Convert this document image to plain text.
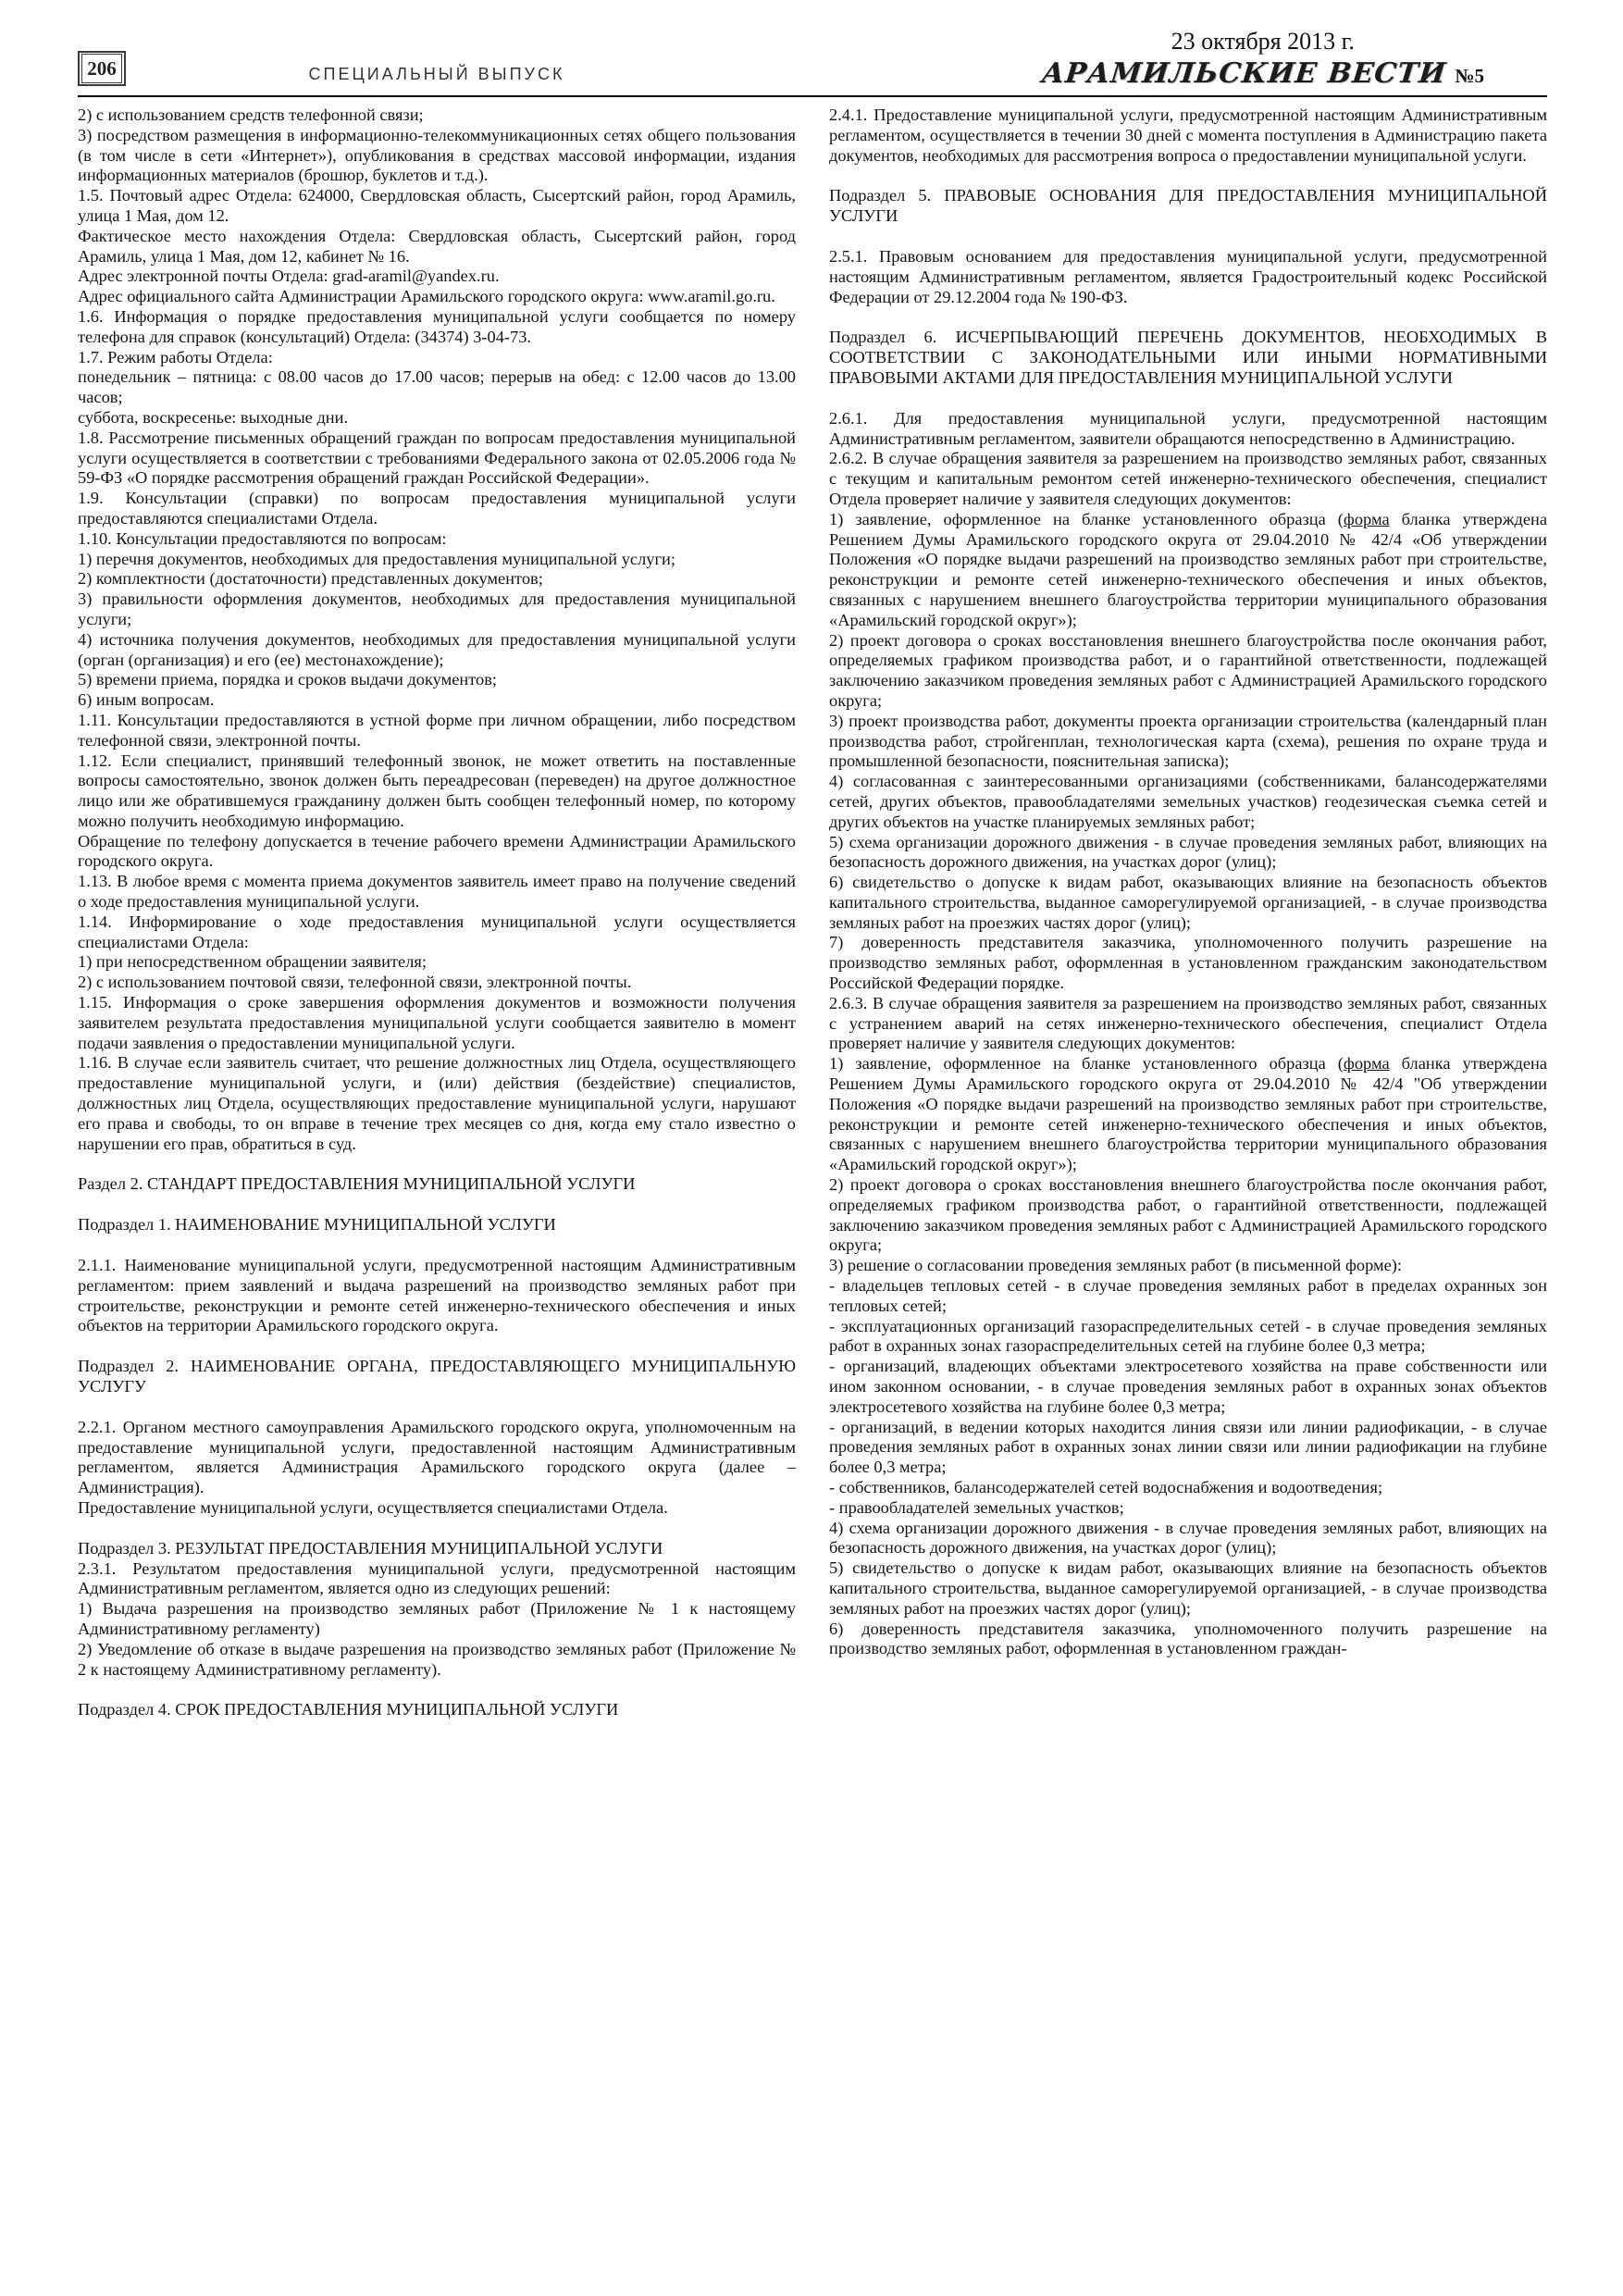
206	СПЕЦИАЛЬНЫЙ ВЫПУСК
23 октября 2013 г.
АРАМИЛЬСКИЕ ВЕСТИ №5

2) с использованием средств телефонной связи;

3) посредством размещения в информационно-телекоммуникационных сетях общего пользования (в том числе в сети «Интернет»), опубликования в средствах массовой информации, издания информационных материалов (брошюр, буклетов и т.д.).

1.5. Почтовый адрес Отдела: 624000, Свердловская область, Сысертский район, город Арамиль, улица 1 Мая, дом 12.

Фактическое место нахождения Отдела: Свердловская область, Сысертский район, город Арамиль, улица 1 Мая, дом 12, кабинет № 16.

Адрес электронной почты Отдела: grad-aramil@yandex.ru.

Адрес официального сайта Администрации Арамильского городского округа: www.aramil.go.ru.

1.6. Информация о порядке предоставления муниципальной услуги сообщается по номеру телефона для справок (консультаций) Отдела: (34374) 3-04-73.

1.7. Режим работы Отдела:

понедельник – пятница: с 08.00 часов до 17.00 часов; перерыв на обед: с 12.00 часов до 13.00 часов;

суббота, воскресенье: выходные дни.

1.8. Рассмотрение письменных обращений граждан по вопросам предоставления муниципальной услуги осуществляется в соответствии с требованиями Федерального закона от 02.05.2006 года № 59-ФЗ «О порядке рассмотрения обращений граждан Российской Федерации».

1.9. Консультации (справки) по вопросам предоставления муниципальной услуги предоставляются специалистами Отдела.

1.10. Консультации предоставляются по вопросам:

1) перечня документов, необходимых для предоставления муниципальной услуги;

2) комплектности (достаточности) представленных документов;

3) правильности оформления документов, необходимых для предоставления муниципальной услуги;

4) источника получения документов, необходимых для предоставления муниципальной услуги (орган (организация) и его (ее) местонахождение);

5) времени приема, порядка и сроков выдачи документов;

6) иным вопросам.

1.11. Консультации предоставляются в устной форме при личном обращении, либо посредством телефонной связи, электронной почты.

1.12. Если специалист, принявший телефонный звонок, не может ответить на поставленные вопросы самостоятельно, звонок должен быть переадресован (переведен) на другое должностное лицо или же обратившемуся гражданину должен быть сообщен телефонный номер, по которому можно получить необходимую информацию.

Обращение по телефону допускается в течение рабочего времени Администрации Арамильского городского округа.

1.13. В любое время с момента приема документов заявитель имеет право на получение сведений о ходе предоставления муниципальной услуги.

1.14. Информирование о ходе предоставления муниципальной услуги осуществляется специалистами Отдела:

1) при непосредственном обращении заявителя;

2) с использованием почтовой связи, телефонной связи, электронной почты.

1.15. Информация о сроке завершения оформления документов и возможности получения заявителем результата предоставления муниципальной услуги сообщается заявителю в момент подачи заявления о предоставлении муниципальной услуги.

1.16. В случае если заявитель считает, что решение должностных лиц Отдела, осуществляющего предоставление муниципальной услуги, и (или) действия (бездействие) специалистов, должностных лиц Отдела, осуществляющих предоставление муниципальной услуги, нарушают его права и свободы, то он вправе в течение трех месяцев со дня, когда ему стало известно о нарушении его прав, обратиться в суд.

Раздел 2. СТАНДАРТ ПРЕДОСТАВЛЕНИЯ МУНИЦИПАЛЬНОЙ УСЛУГИ

Подраздел 1. НАИМЕНОВАНИЕ МУНИЦИПАЛЬНОЙ УСЛУГИ

2.1.1. Наименование муниципальной услуги, предусмотренной настоящим Административным регламентом: прием заявлений и выдача разрешений на производство земляных работ при строительстве, реконструкции и ремонте сетей инженерно-технического обеспечения и иных объектов на территории Арамильского городского округа.

Подраздел 2. НАИМЕНОВАНИЕ ОРГАНА, ПРЕДОСТАВЛЯЮЩЕГО МУНИЦИПАЛЬНУЮ УСЛУГУ

2.2.1. Органом местного самоуправления Арамильского городского округа, уполномоченным на предоставление муниципальной услуги, предоставленной настоящим Административным регламентом, является Администрация Арамильского городского округа (далее – Администрация).

Предоставление муниципальной услуги, осуществляется специалистами Отдела.

Подраздел 3. РЕЗУЛЬТАТ ПРЕДОСТАВЛЕНИЯ МУНИЦИПАЛЬНОЙ УСЛУГИ

2.3.1. Результатом предоставления муниципальной услуги, предусмотренной настоящим Административным регламентом, является одно из следующих решений:

1) Выдача разрешения на производство земляных работ (Приложение № 1 к настоящему Административному регламенту)

2) Уведомление об отказе в выдаче разрешения на производство земляных работ (Приложение № 2 к настоящему Административному регламенту).

Подраздел 4. СРОК ПРЕДОСТАВЛЕНИЯ МУНИЦИПАЛЬНОЙ УСЛУГИ

2.4.1. Предоставление муниципальной услуги, предусмотренной настоящим Административным регламентом, осуществляется в течении 30 дней с момента поступления в Администрацию пакета документов, необходимых для рассмотрения вопроса о предоставлении муниципальной услуги.

Подраздел 5. ПРАВОВЫЕ ОСНОВАНИЯ ДЛЯ ПРЕДОСТАВЛЕНИЯ МУНИЦИПАЛЬНОЙ УСЛУГИ

2.5.1. Правовым основанием для предоставления муниципальной услуги, предусмотренной настоящим Административным регламентом, является Градостроительный кодекс Российской Федерации от 29.12.2004 года № 190-ФЗ.

Подраздел 6. ИСЧЕРПЫВАЮЩИЙ ПЕРЕЧЕНЬ ДОКУМЕНТОВ, НЕОБХОДИМЫХ В СООТВЕТСТВИИ С ЗАКОНОДАТЕЛЬНЫМИ ИЛИ ИНЫМИ НОРМАТИВНЫМИ ПРАВОВЫМИ АКТАМИ ДЛЯ ПРЕДОСТАВЛЕНИЯ МУНИЦИПАЛЬНОЙ УСЛУГИ

2.6.1. Для предоставления муниципальной услуги, предусмотренной настоящим Административным регламентом, заявители обращаются непосредственно в Администрацию.

2.6.2. В случае обращения заявителя за разрешением на производство земляных работ, связанных с текущим и капитальным ремонтом сетей инженерно-технического обеспечения, специалист Отдела проверяет наличие у заявителя следующих документов:

1) заявление, оформленное на бланке установленного образца (форма бланка утверждена Решением Думы Арамильского городского округа от 29.04.2010 № 42/4 «Об утверждении Положения «О порядке выдачи разрешений на производство земляных работ при строительстве, реконструкции и ремонте сетей инженерно-технического обеспечения и иных объектов, связанных с нарушением внешнего благоустройства территории муниципального образования «Арамильский городской округ»);

2) проект договора о сроках восстановления внешнего благоустройства после окончания работ, определяемых графиком производства работ, и о гарантийной ответственности, подлежащей заключению заказчиком проведения земляных работ с Администрацией Арамильского городского округа;

3) проект производства работ, документы проекта организации строительства (календарный план производства работ, стройгенплан, технологическая карта (схема), решения по охране труда и промышленной безопасности, пояснительная записка);

4) согласованная с заинтересованными организациями (собственниками, балансодержателями сетей, других объектов, правообладателями земельных участков) геодезическая съемка сетей и других объектов на участке планируемых земляных работ;

5) схема организации дорожного движения - в случае проведения земляных работ, влияющих на безопасность дорожного движения, на участках дорог (улиц);

6) свидетельство о допуске к видам работ, оказывающих влияние на безопасность объектов капитального строительства, выданное саморегулируемой организацией, - в случае производства земляных работ на проезжих частях дорог (улиц);

7) доверенность представителя заказчика, уполномоченного получить разрешение на производство земляных работ, оформленная в установленном гражданским законодательством Российской Федерации порядке.

2.6.3. В случае обращения заявителя за разрешением на производство земляных работ, связанных с устранением аварий на сетях инженерно-технического обеспечения, специалист Отдела проверяет наличие у заявителя следующих документов:

1) заявление, оформленное на бланке установленного образца (форма бланка утверждена Решением Думы Арамильского городского округа от 29.04.2010 № 42/4 "Об утверждении Положения «О порядке выдачи разрешений на производство земляных работ при строительстве, реконструкции и ремонте сетей инженерно-технического обеспечения и иных объектов, связанных с нарушением внешнего благоустройства территории муниципального образования «Арамильский городской округ»);

2) проект договора о сроках восстановления внешнего благоустройства после окончания работ, определяемых графиком производства работ, о гарантийной ответственности, подлежащей заключению заказчиком проведения земляных работ с Администрацией Арамильского городского округа;

3) решение о согласовании проведения земляных работ (в письменной форме):

- владельцев тепловых сетей - в случае проведения земляных работ в пределах охранных зон тепловых сетей;

- эксплуатационных организаций газораспределительных сетей - в случае проведения земляных работ в охранных зонах газораспределительных сетей на глубине более 0,3 метра;

- организаций, владеющих объектами электросетевого хозяйства на праве собственности или ином законном основании, - в случае проведения земляных работ в охранных зонах объектов электросетевого хозяйства на глубине более 0,3 метра;

- организаций, в ведении которых находится линия связи или линии радиофикации, - в случае проведения земляных работ в охранных зонах линии связи или линии радиофикации на глубине более 0,3 метра;

- собственников, балансодержателей сетей водоснабжения и водоотведения;

- правообладателей земельных участков;

4) схема организации дорожного движения - в случае проведения земляных работ, влияющих на безопасность дорожного движения, на участках дорог (улиц);

5) свидетельство о допуске к видам работ, оказывающих влияние на безопасность объектов капитального строительства, выданное саморегулируемой организацией, - в случае производства земляных работ на проезжих частях дорог (улиц);

6) доверенность представителя заказчика, уполномоченного получить разрешение на производство земляных работ, оформленная в установленном граждан-
